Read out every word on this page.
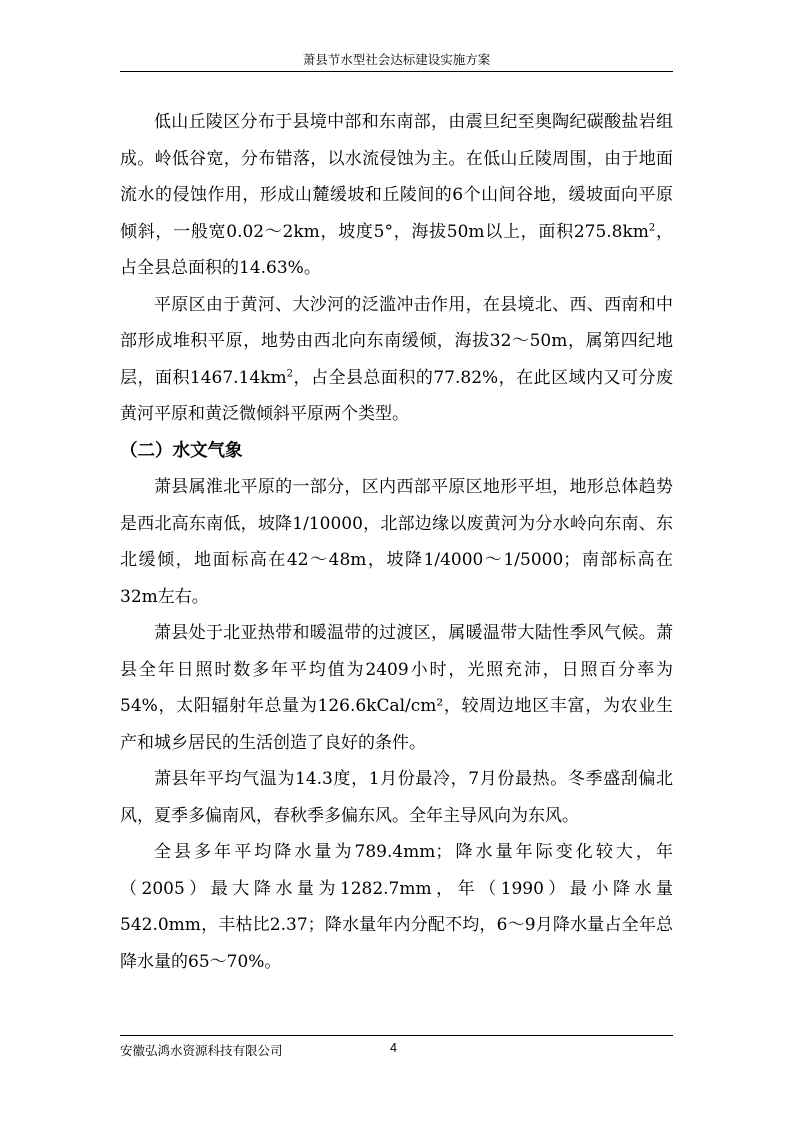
萧县节水型社会达标建设实施方案

低山丘陵区分布于县境中部和东南部，由震旦纪至奥陶纪碳酸盐岩组成。岭低谷宽，分布错落，以水流侵蚀为主。在低山丘陵周围，由于地面流水的侵蚀作用，形成山麓缓坡和丘陵间的6个山间谷地，缓坡面向平原倾斜，一般宽0.02～2km，坡度5°，海拔50m以上，面积$275.8km^2$，占全县总面积的14.63%。

平原区由于黄河、大沙河的泛滥冲击作用，在县境北、西、西南和中部形成堆积平原，地势由西北向东南缓倾，海拔32～50m，属第四纪地层，面积$1467.14km^2$，占全县总面积的77.82%，在此区域内又可分废黄河平原和黄泛微倾斜平原两个类型。

（二）水文气象

萧县属淮北平原的一部分，区内西部平原区地形平坦，地形总体趋势是西北高东南低，坡降1/10000，北部边缘以废黄河为分水岭向东南、东北缓倾，地面标高在42～48m，坡降1/4000～1/5000；南部标高在32m左右。

萧县处于北亚热带和暖温带的过渡区，属暖温带大陆性季风气候。萧县全年日照时数多年平均值为2409小时，光照充沛，日照百分率为54%，太阳辐射年总量为126.6kCal/cm²，较周边地区丰富，为农业生产和城乡居民的生活创造了良好的条件。

萧县年平均气温为14.3度，1月份最冷，7月份最热。冬季盛刮偏北风，夏季多偏南风，春秋季多偏东风。全年主导风向为东风。

全县多年平均降水量为789.4mm；降水量年际变化较大，年（2005）最大降水量为1282.7mm，年（1990）最小降水量542.0mm，丰枯比2.37；降水量年内分配不均，6～9月降水量占全年总降水量的65～70%。

安徽弘鸿水资源科技有限公司	4
